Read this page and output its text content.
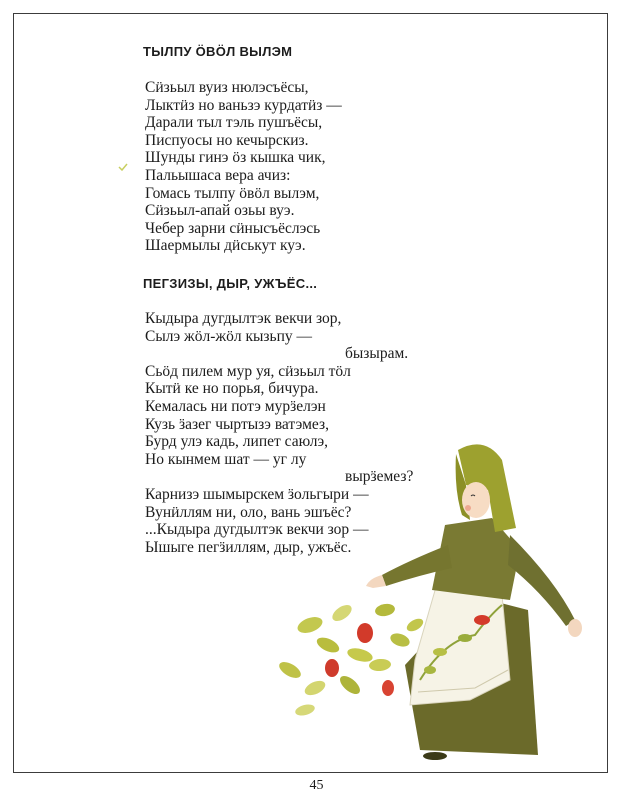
ТЫЛПУ ӦВӦЛ ВЫЛЭМ
Сӥзьыл вуиз нюлэсъёсы,
Лыктӥз но ваньзэ курдатӥз —
Дарали тыл тэль пушъёсы,
Писпуосы но кечырскиз.
Шунды гинэ ӧз кышка чик,
Пальышаса вера ачиз:
Гомась тылпу ӧвӧл вылэм,
Сӥзьыл-апай озьы вуэ.
Чебер зарни сӥнысъёслэсь
Шаермылы дӥськут куэ.
ПЕГЗИЗЫ, ДЫР, УЖЪЁС...
Кыдыра дугдылтэк векчи зор,
Сылэ жӧл-жӧл кызьпу —
бызырам.
Сьӧд пилем мур уя, сӥзьыл тӧл
Кытӥ ке но порья, бичура.
Кемалась ни потэ мурӟелэн
Кузь ӟазег чыртызэ ватэмез,
Бурд улэ кадь, липет саюлэ,
Но кынмем шат — уг лу
вырӟемез?
Карнизэ шымырскем ӟольгыри —
Вунӥллям ни, оло, вань эшъёс?
...Кыдыра дугдылтэк векчи зор —
Ышыге пегӟиллям, дыр, ужъёс.
45
